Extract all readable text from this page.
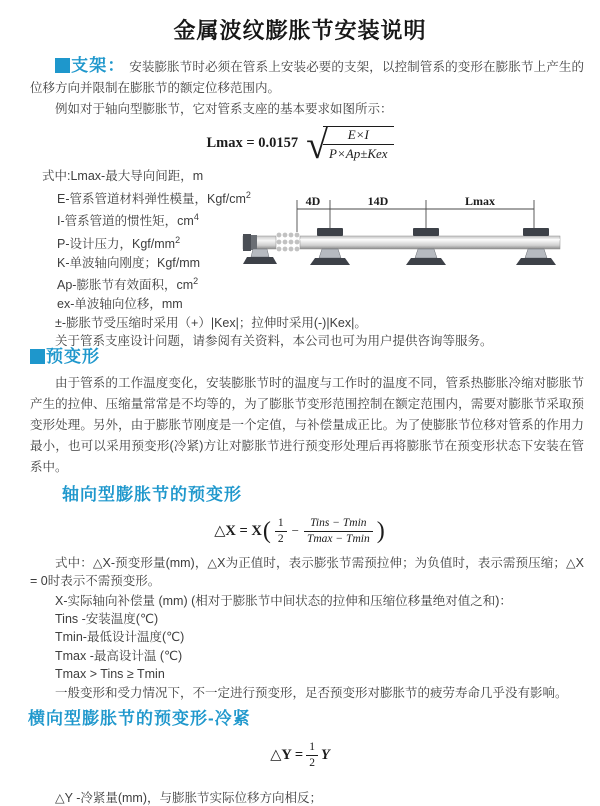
金属波纹膨胀节安装说明

支架： 安装膨胀节时必须在管系上安装必要的支架，以控制管系的变形在膨胀节上产生的位移方向并限制在膨胀节的额定位移范围内。

例如对于轴向型膨胀节，它对管系支座的基本要求如图所示：

Lmax = 0.0157 √	E×I
P×Ap±Kex
式中:Lmax-最大导向间距，m
E-管系管道材料弹性模量，Kgf/$cm^2$
I-管系管道的惯性矩，$cm^4$
P-设计压力，Kgf/$mm^2$
K-单波轴向刚度；Kgf/mm
Ap-膨胀节有效面积，$cm^2$
ex-单波轴向位移，mm
±-膨胀节受压缩时采用（+）|Kex|；拉伸时采用(-)|Kex|。
关于管系支座设计问题，请参阅有关资料，本公司也可为用户提供咨询等服务。
4D	14D	Lmax

预变形

由于管系的工作温度变化，安装膨胀节时的温度与工作时的温度不同，管系热膨胀冷缩对膨胀节产生的拉伸、压缩量常常是不均等的，为了膨胀节变形范围控制在额定范围内，需要对膨胀节采取预变形处理。另外，由于膨胀节刚度是一个定值，与补偿量成正比。为了使膨胀节位移对管系的作用力最小，也可以采用预变形(冷紧)方让对膨胀节进行预变形处理后再将膨胀节在预变形状态下安装在管系中。

轴向型膨胀节的预变形
△X = X ( $\frac{1}{2} - \frac{\text{Tins − Tmin}}{Tmax - Tmin}$ )

式中：△X-预变形量(mm)，△X为正值时，表示膨张节需预拉伸；为负值时，表示需预压缩；△X = 0时表示不需预变形。

X-实际轴向补偿量 (mm) (相对于膨胀节中间状态的拉伸和压缩位移量绝对值之和)：
Tins -安装温度(℃)
Tmin-最低设计温度(℃)
Tmax -最高设计温 (℃)
Tmax > Tins ≥ Tmin

一般变形和受力情况下，不一定进行预变形，足否预变形对膨胀节的疲劳寿命几乎没有影响。

横向型膨胀节的预变形-冷紧
△Y = $\frac{1}{2}$ Y
△Y -冷紧量(mm)，与膨胀节实际位移方向相反；
